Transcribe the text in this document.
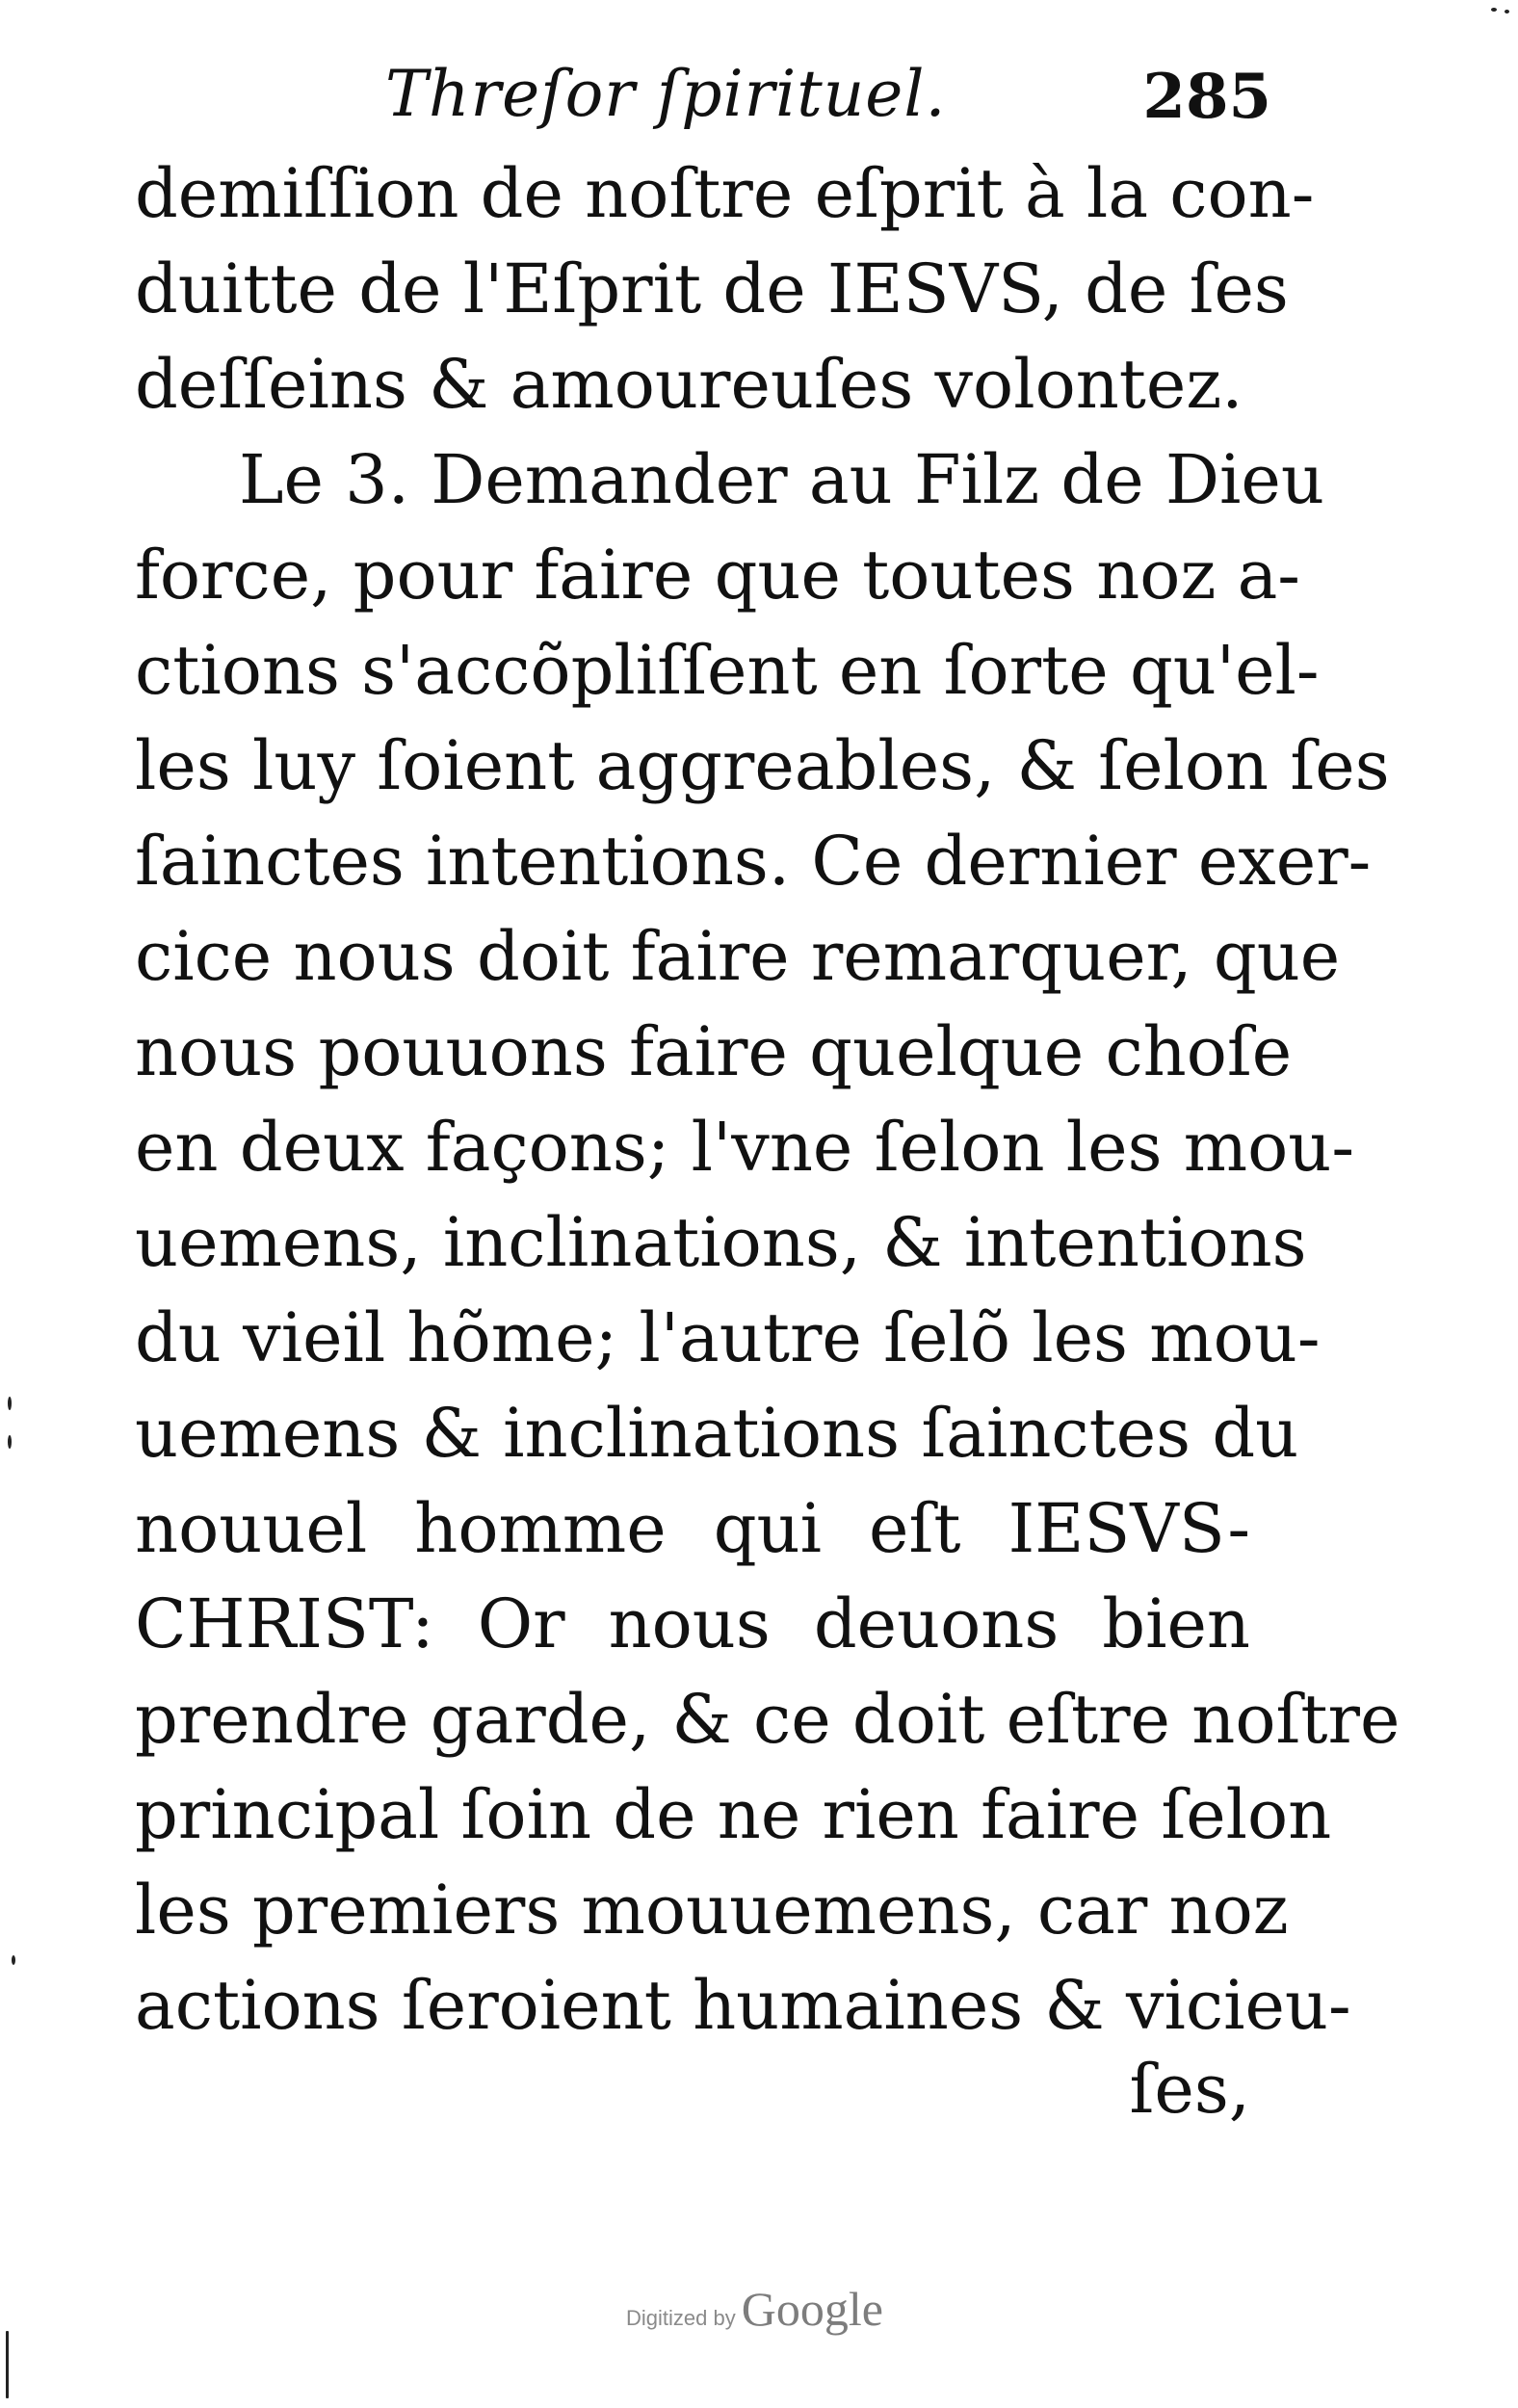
Threſor ſpirituel.	285
demiſſion de noſtre eſprit à la con-
duitte de l'Eſprit de IESVS, de ſes
deſſeins & amoureuſes volontez.
Le 3. Demander au Filz de Dieu
force, pour faire que toutes noz a-
ctions s'accõpliſſent en ſorte qu'el-
les luy ſoient aggreables, & ſelon ſes
ſainctes intentions. Ce dernier exer-
cice nous doit faire remarquer, que
nous pouuons faire quelque choſe
en deux façons; l'vne ſelon les mou-
uemens, inclinations, & intentions
du vieil hõme; l'autre ſelõ les mou-
uemens & inclinations ſainctes du
nouuel homme qui eſt IESVS-
CHRIST: Or nous deuons bien
prendre garde, & ce doit eſtre noſtre
principal ſoin de ne rien faire ſelon
les premiers mouuemens, car noz
actions ſeroient humaines & vicieu-
ſes,
Digitized by Google
